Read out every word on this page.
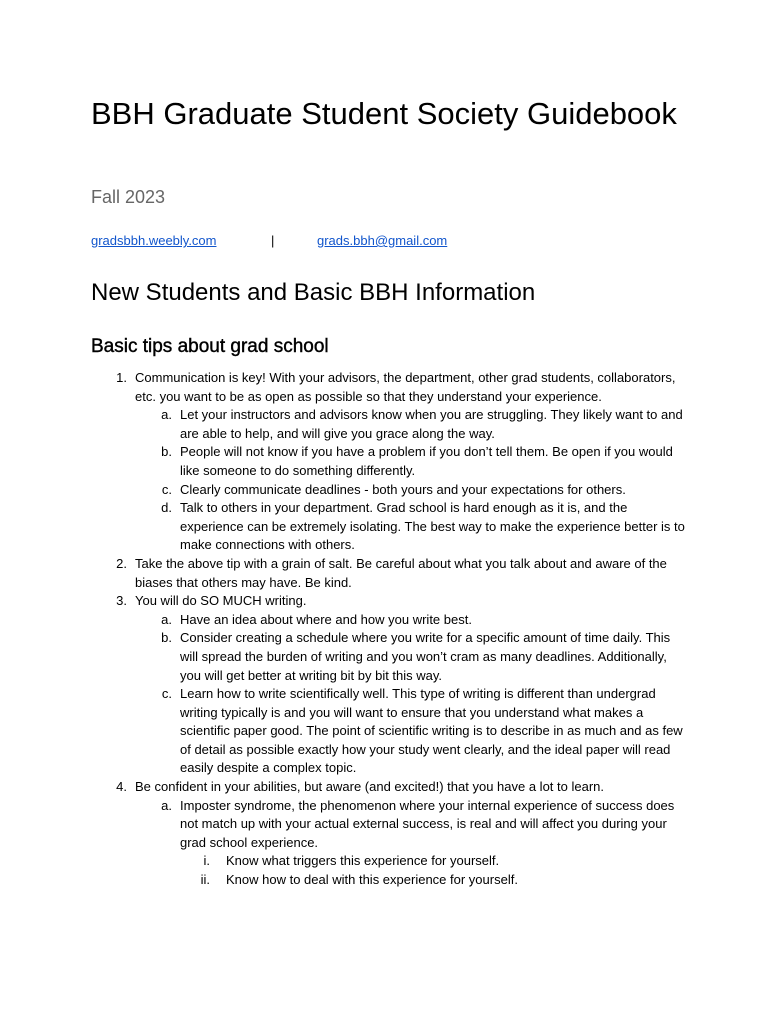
BBH Graduate Student Society Guidebook
Fall 2023
gradsbbh.weebly.com	|	grads.bbh@gmail.com
New Students and Basic BBH Information
Basic tips about grad school
1. Communication is key! With your advisors, the department, other grad students, collaborators, etc. you want to be as open as possible so that they understand your experience.
a. Let your instructors and advisors know when you are struggling. They likely want to and are able to help, and will give you grace along the way.
b. People will not know if you have a problem if you don’t tell them. Be open if you would like someone to do something differently.
c. Clearly communicate deadlines - both yours and your expectations for others.
d. Talk to others in your department. Grad school is hard enough as it is, and the experience can be extremely isolating. The best way to make the experience better is to make connections with others.
2. Take the above tip with a grain of salt. Be careful about what you talk about and aware of the biases that others may have. Be kind.
3. You will do SO MUCH writing.
a. Have an idea about where and how you write best.
b. Consider creating a schedule where you write for a specific amount of time daily. This will spread the burden of writing and you won’t cram as many deadlines. Additionally, you will get better at writing bit by bit this way.
c. Learn how to write scientifically well. This type of writing is different than undergrad writing typically is and you will want to ensure that you understand what makes a scientific paper good. The point of scientific writing is to describe in as much and as few of detail as possible exactly how your study went clearly, and the ideal paper will read easily despite a complex topic.
4. Be confident in your abilities, but aware (and excited!) that you have a lot to learn.
a. Imposter syndrome, the phenomenon where your internal experience of success does not match up with your actual external success, is real and will affect you during your grad school experience.
i. Know what triggers this experience for yourself.
ii. Know how to deal with this experience for yourself.
